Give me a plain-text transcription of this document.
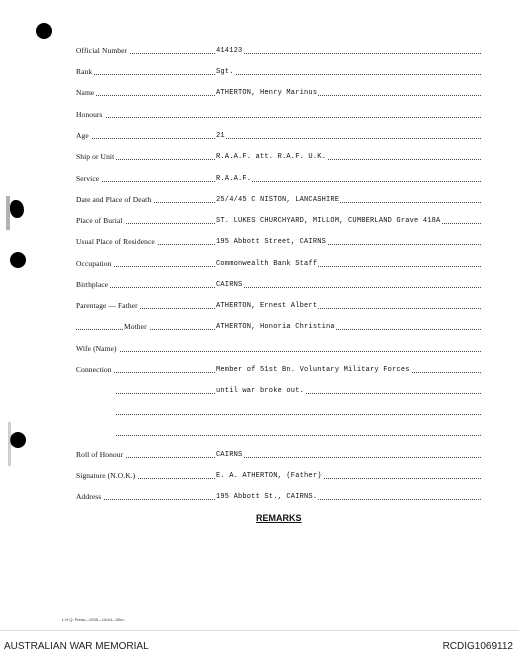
Official Number	414123
Rank	Sgt.
Name	ATHERTON, Henry Marinus
Honours
Age	21
Ship or Unit	R.A.A.F. att. R.A.F. U.K.
Service	R.A.A.F.
Date and Place of Death	25/4/45 C NISTON, LANCASHIRE
Place of Burial	ST. LUKES CHURCHYARD, MILLOM, CUMBERLAND Grave 418A
Usual Place of Residence	195 Abbott Street, CAIRNS
Occupation	Commonwealth Bank Staff
Birthplace	CAIRNS
Parentage — Father	ATHERTON, Ernest Albert
Mother	ATHERTON, Honoria Christina
Wife (Name)
Connection	Member of 51st Bn. Voluntary Military Forces
until war broke out.
Roll of Honour	CAIRNS
Signature (N.O.K.)	E. A. ATHERTON, (Father)
Address	195 Abbott St., CAIRNS.
REMARKS
L.H.Q. Press—1935—10/44—30m.
AUSTRALIAN WAR MEMORIAL	RCDIG1069112
